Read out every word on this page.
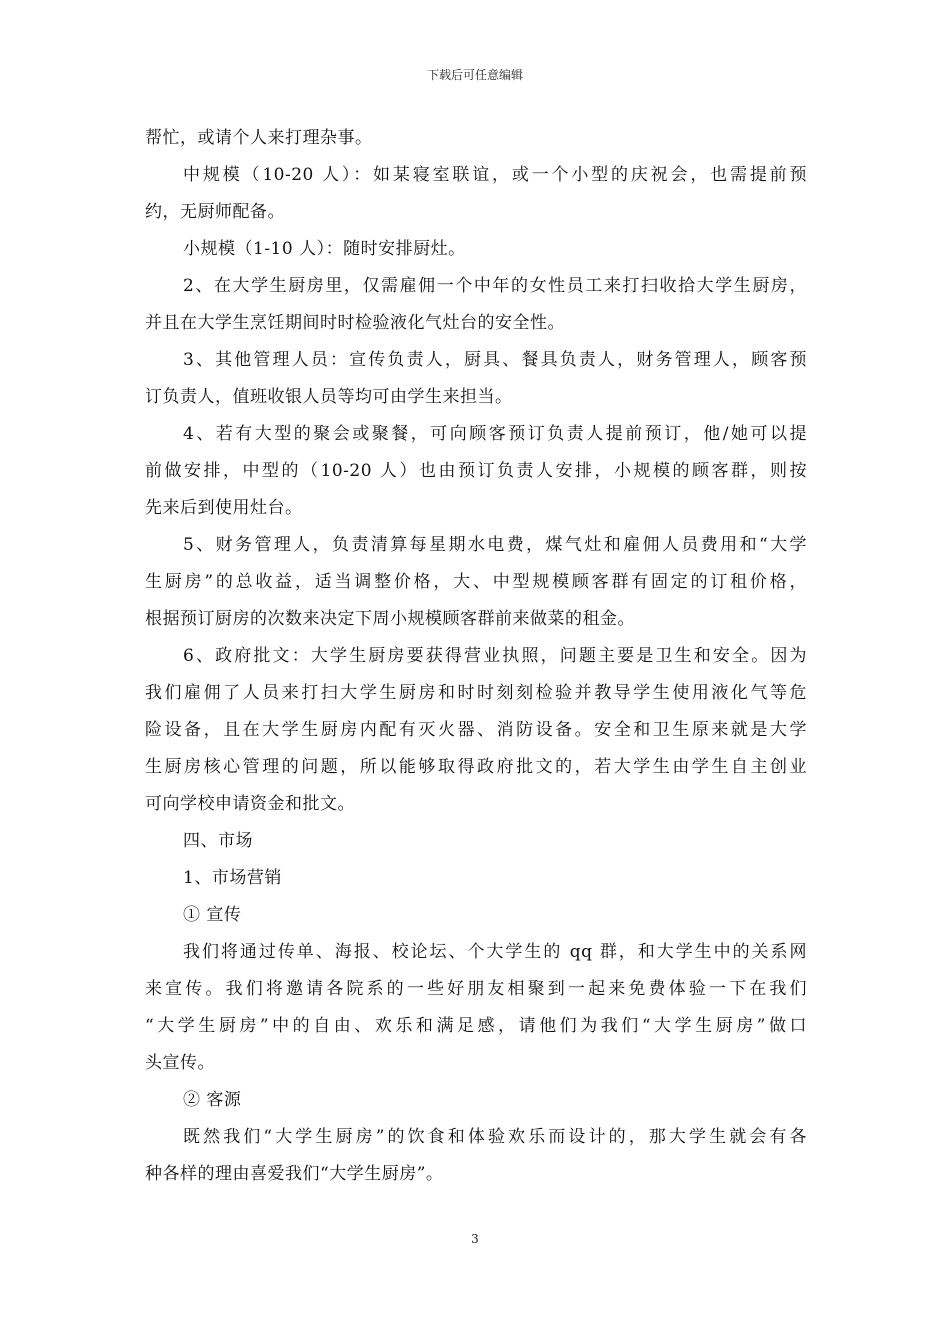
下载后可任意编辑
帮忙，或请个人来打理杂事。
中规模（10-20 人）：如某寝室联谊，或一个小型的庆祝会，也需提前预
约，无厨师配备。
小规模（1-10 人）：随时安排厨灶。
2、在大学生厨房里，仅需雇佣一个中年的女性员工来打扫收拾大学生厨房，
并且在大学生烹饪期间时时检验液化气灶台的安全性。
3、其他管理人员：宣传负责人，厨具、餐具负责人，财务管理人，顾客预
订负责人，值班收银人员等均可由学生来担当。
4、若有大型的聚会或聚餐，可向顾客预订负责人提前预订，他/她可以提
前做安排，中型的（10-20 人）也由预订负责人安排，小规模的顾客群，则按
先来后到使用灶台。
5、财务管理人，负责清算每星期水电费，煤气灶和雇佣人员费用和“大学
生厨房”的总收益，适当调整价格，大、中型规模顾客群有固定的订租价格，
根据预订厨房的次数来决定下周小规模顾客群前来做菜的租金。
6、政府批文：大学生厨房要获得营业执照，问题主要是卫生和安全。因为
我们雇佣了人员来打扫大学生厨房和时时刻刻检验并教导学生使用液化气等危
险设备，且在大学生厨房内配有灭火器、消防设备。安全和卫生原来就是大学
生厨房核心管理的问题，所以能够取得政府批文的，若大学生由学生自主创业
可向学校申请资金和批文。
四、市场
1、市场营销
① 宣传
我们将通过传单、海报、校论坛、个大学生的 qq 群，和大学生中的关系网
来宣传。我们将邀请各院系的一些好朋友相聚到一起来免费体验一下在我们
“大学生厨房”中的自由、欢乐和满足感，请他们为我们“大学生厨房”做口
头宣传。
② 客源
既然我们“大学生厨房”的饮食和体验欢乐而设计的，那大学生就会有各
种各样的理由喜爱我们“大学生厨房”。
3
